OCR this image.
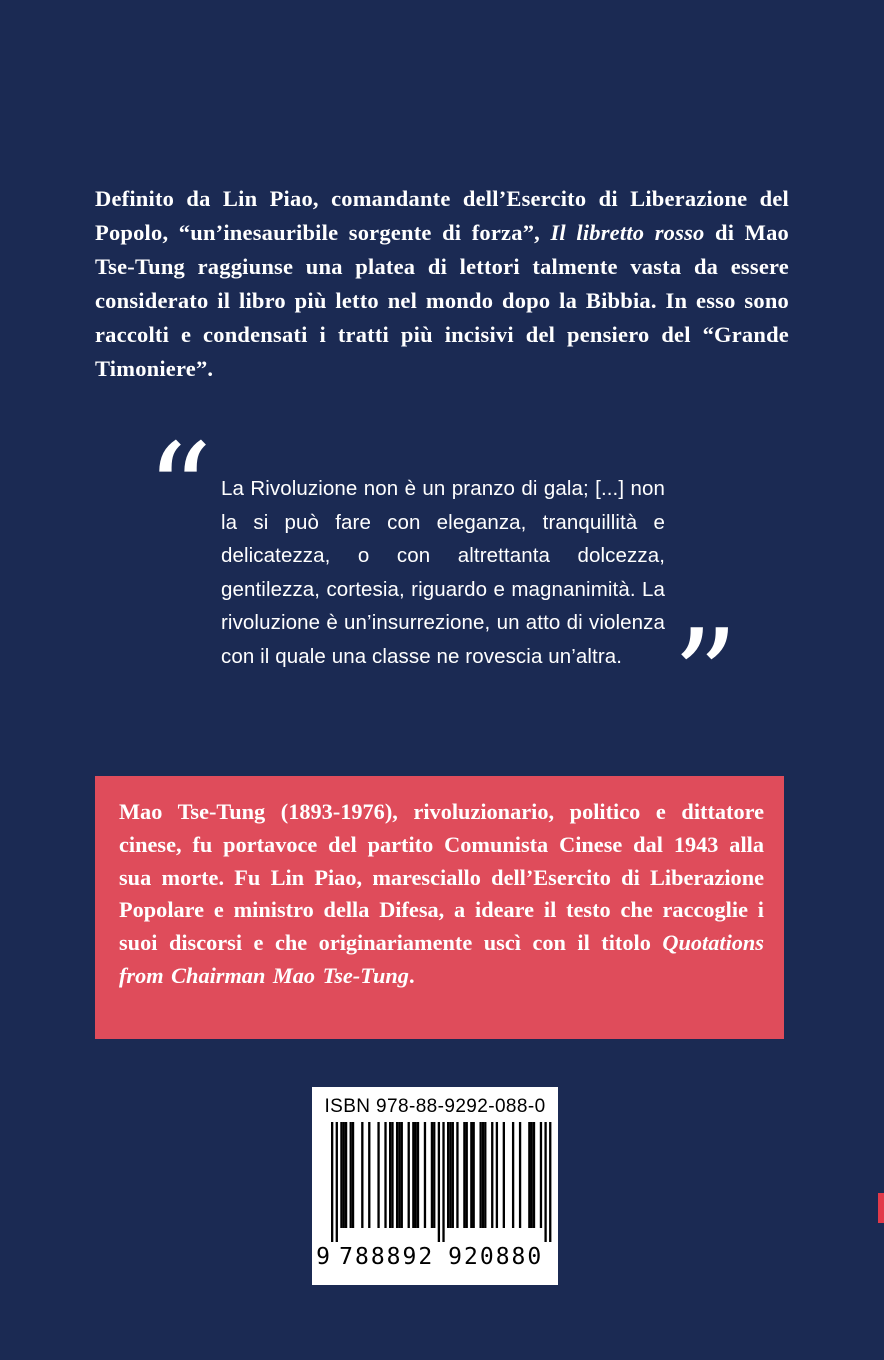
Definito da Lin Piao, comandante dell’Esercito di Liberazione del Popolo, “un’inesauribile sorgente di forza”, Il libretto rosso di Mao Tse-Tung raggiunse una platea di lettori talmente vasta da essere considerato il libro più letto nel mondo dopo la Bibbia. In esso sono raccolti e condensati i tratti più incisivi del pensiero del “Grande Timoniere”.

“ La Rivoluzione non è un pranzo di gala; [...] non la si può fare con eleganza, tranquillità e delicatezza, o con altrettanta dolcezza, gentilezza, cortesia, riguardo e magnanimità. La rivoluzione è un’insurrezione, un atto di violenza con il quale una classe ne rovescia un’altra. ”

Mao Tse-Tung (1893-1976), rivoluzionario, politico e dittatore cinese, fu portavoce del partito Comunista Cinese dal 1943 alla sua morte. Fu Lin Piao, maresciallo dell’Esercito di Liberazione Popolare e ministro della Difesa, a ideare il testo che raccoglie i suoi discorsi e che originariamente uscì con il titolo Quotations from Chairman Mao Tse-Tung.

ISBN 978-88-9292-088-0
9 788892 920880
